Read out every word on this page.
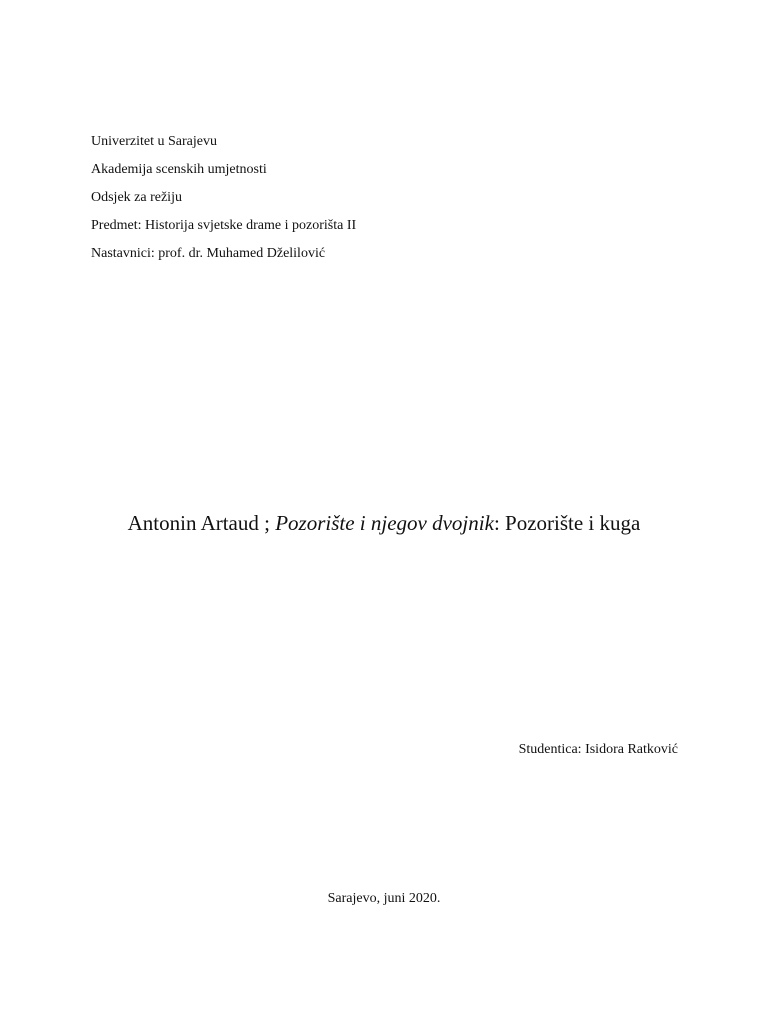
Univerzitet u Sarajevu
Akademija scenskih umjetnosti
Odsjek za režiju
Predmet: Historija svjetske drame i pozorišta II
Nastavnici: prof. dr. Muhamed Dželilović
Antonin Artaud ; Pozorište i njegov dvojnik: Pozorište i kuga
Studentica: Isidora Ratković
Sarajevo, juni 2020.
